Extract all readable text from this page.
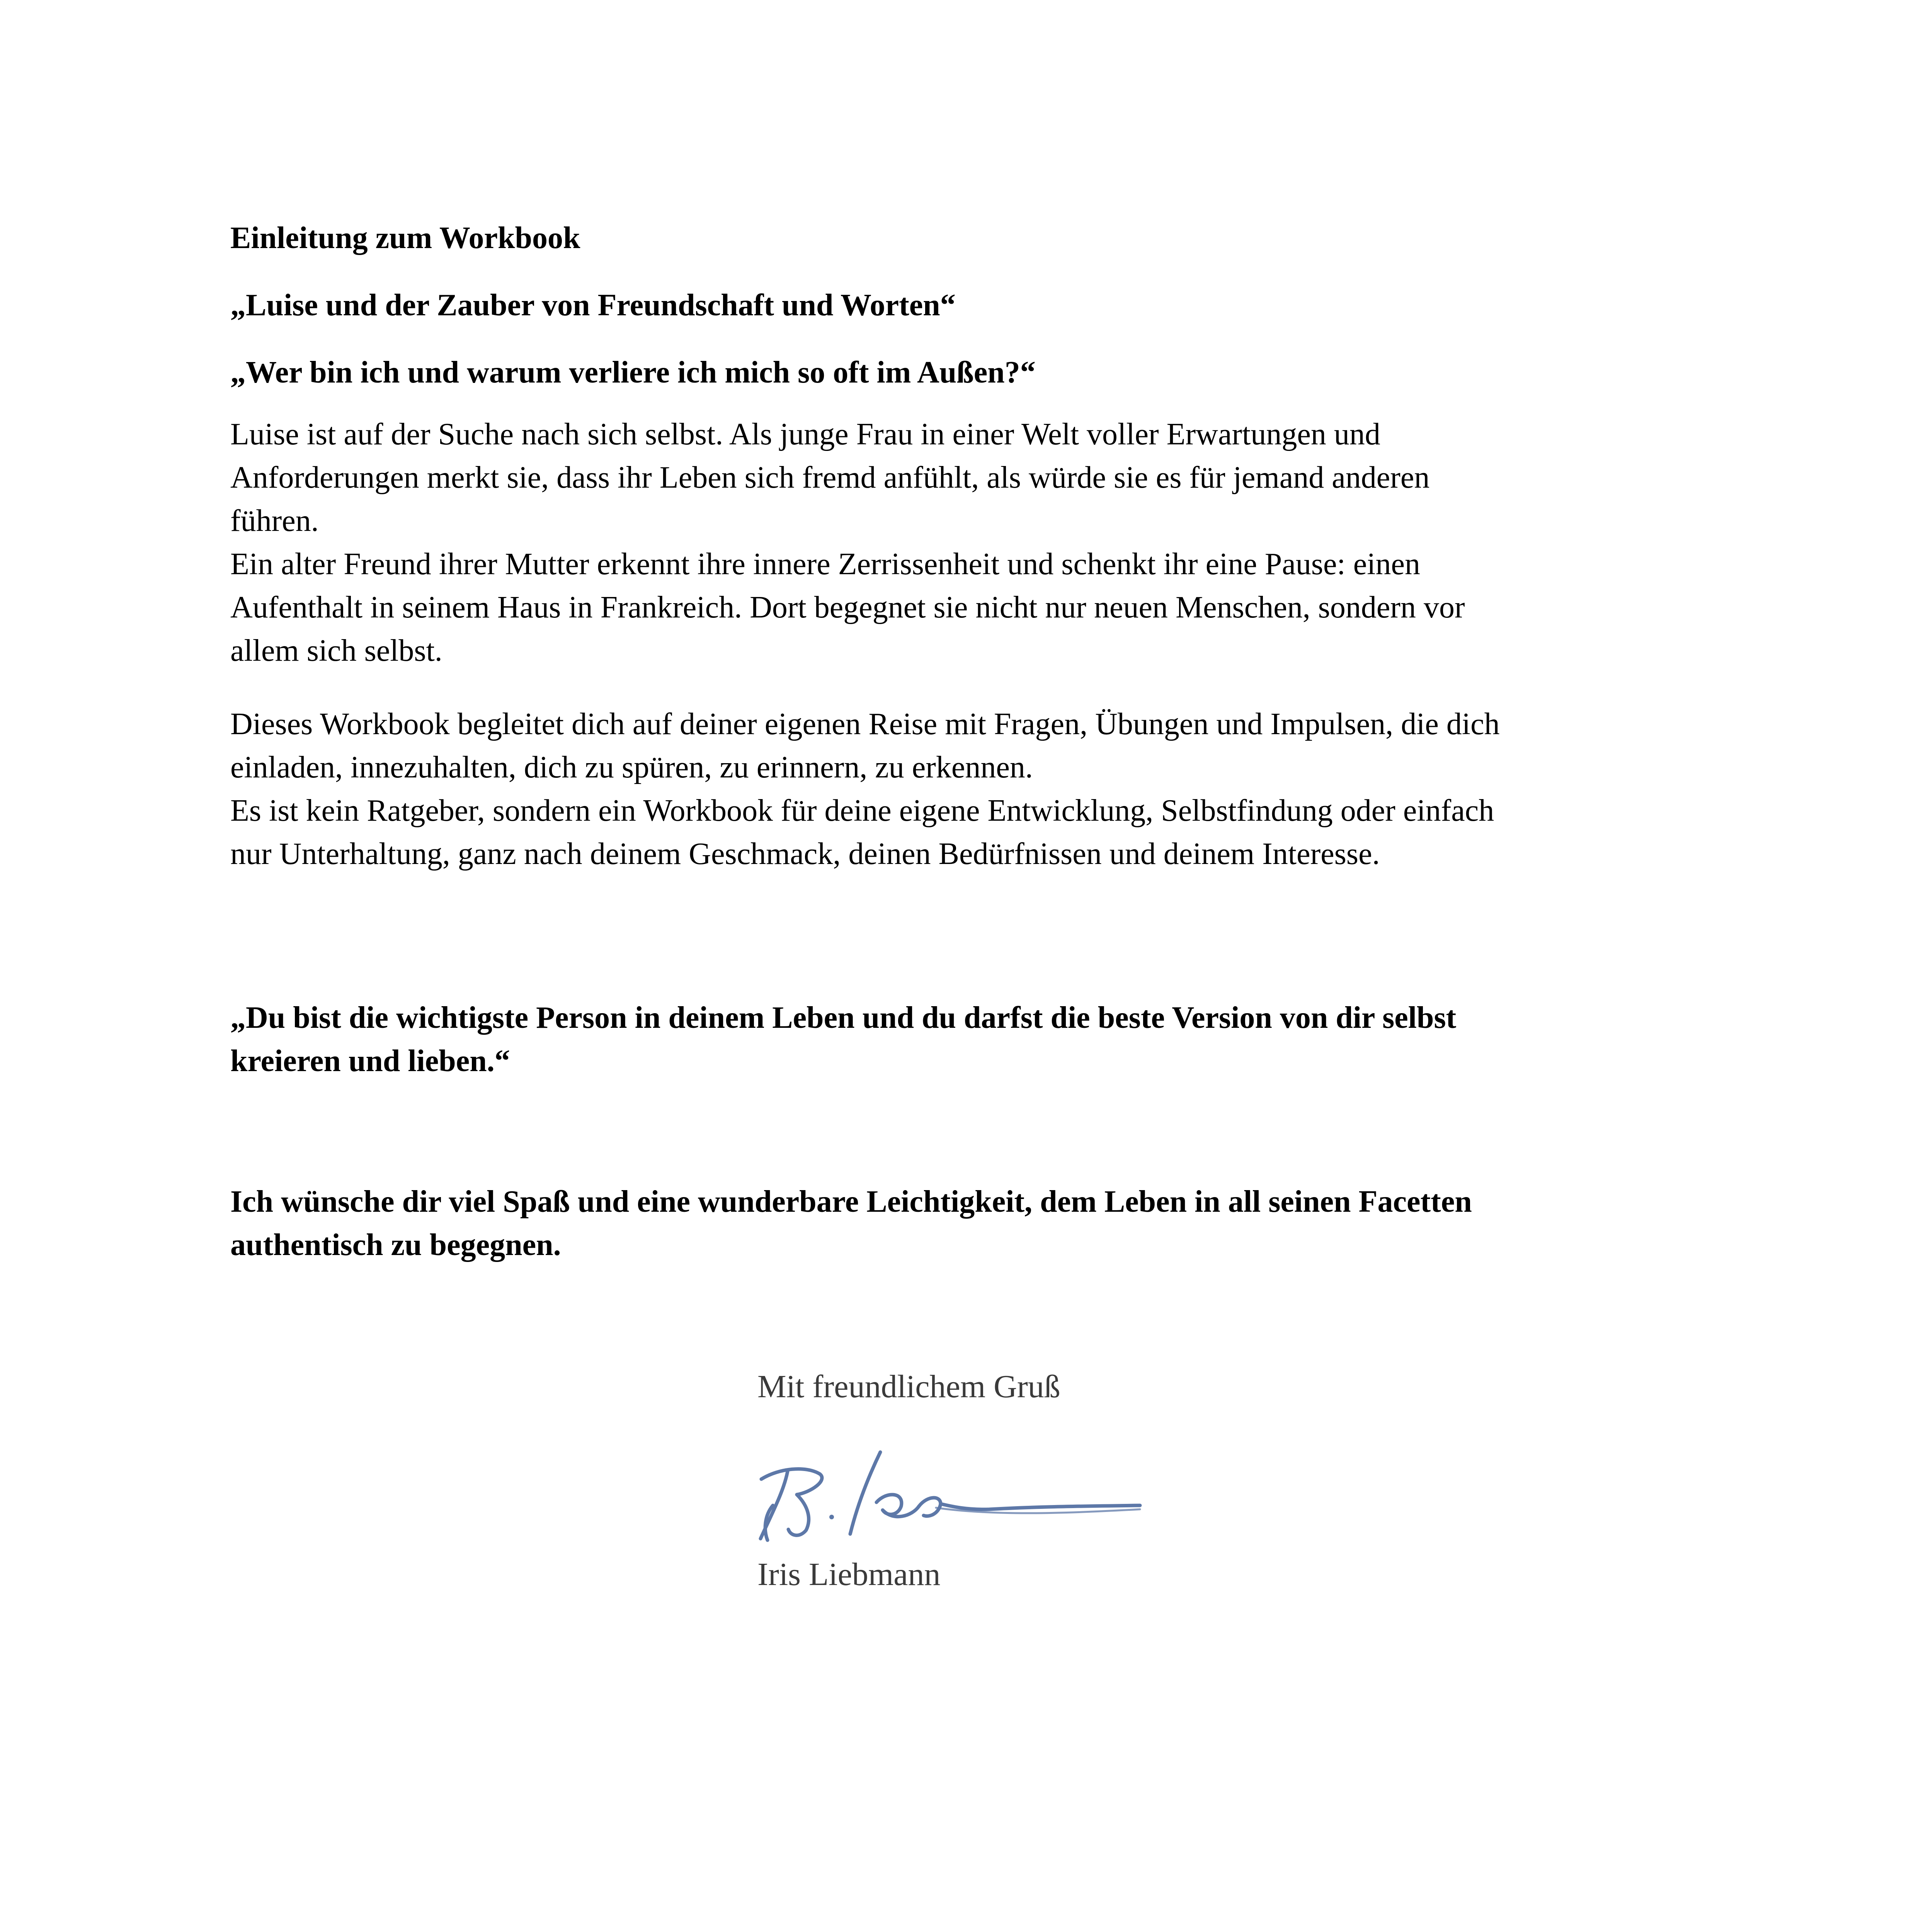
Einleitung zum Workbook

„Luise und der Zauber von Freundschaft und Worten“

„Wer bin ich und warum verliere ich mich so oft im Außen?“

Luise ist auf der Suche nach sich selbst. Als junge Frau in einer Welt voller Erwartungen und
Anforderungen merkt sie, dass ihr Leben sich fremd anfühlt, als würde sie es für jemand anderen
führen.
Ein alter Freund ihrer Mutter erkennt ihre innere Zerrissenheit und schenkt ihr eine Pause: einen
Aufenthalt in seinem Haus in Frankreich. Dort begegnet sie nicht nur neuen Menschen, sondern vor
allem sich selbst.
Dieses Workbook begleitet dich auf deiner eigenen Reise mit Fragen, Übungen und Impulsen, die dich
einladen, innezuhalten, dich zu spüren, zu erinnern, zu erkennen.
Es ist kein Ratgeber, sondern ein Workbook für deine eigene Entwicklung, Selbstfindung oder einfach
nur Unterhaltung, ganz nach deinem Geschmack, deinen Bedürfnissen und deinem Interesse.
„Du bist die wichtigste Person in deinem Leben und du darfst die beste Version von dir selbst
kreieren und lieben.“
Ich wünsche dir viel Spaß und eine wunderbare Leichtigkeit, dem Leben in all seinen Facetten
authentisch zu begegnen.
Mit freundlichem Gruß
Iris Liebmann
